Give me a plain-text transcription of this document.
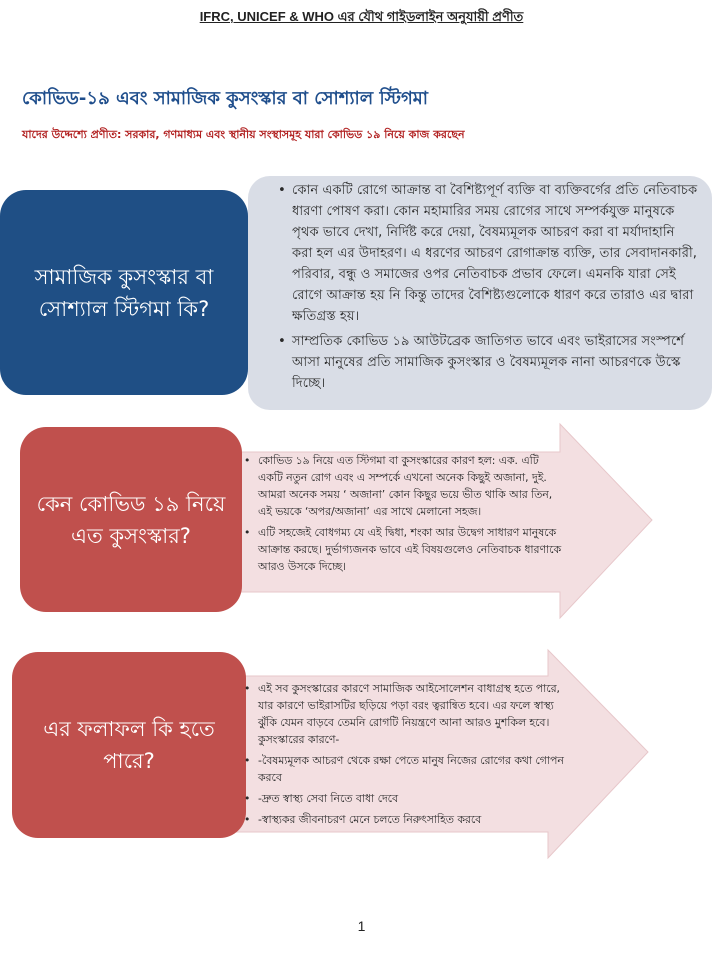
IFRC, UNICEF & WHO এর যৌথ গাইডলাইন অনুযায়ী প্রণীত
কোভিড-১৯ এবং সামাজিক কুসংস্কার বা সোশ্যাল স্টিগমা
যাদের উদ্দেশ্যে প্রণীত: সরকার, গণমাধ্যম এবং স্থানীয় সংস্থাসমূহ যারা কোভিড ১৯ নিয়ে কাজ করছেন
সামাজিক কুসংস্কার বা সোশ্যাল স্টিগমা কি?
• কোন একটি রোগে আক্রান্ত বা বৈশিষ্ট্যপূর্ণ ব্যক্তি বা ব্যক্তিবর্গের প্রতি নেতিবাচক ধারণা পোষণ করা। কোন মহামারির সময় রোগের সাথে সম্পর্কযুক্ত মানুষকে পৃথক ভাবে দেখা, নির্দিষ্ট করে দেয়া, বৈষম্যমূলক আচরণ করা বা মর্যাদাহানি করা হল এর উদাহরণ। এ ধরণের আচরণ রোগাক্রান্ত ব্যক্তি, তার সেবাদানকারী, পরিবার, বন্ধু ও সমাজের ওপর নেতিবাচক প্রভাব ফেলে। এমনকি যারা সেই রোগে আক্রান্ত হয় নি কিন্তু তাদের বৈশিষ্ট্যগুলোকে ধারণ করে তারাও এর দ্বারা ক্ষতিগ্রস্ত হয়।
• সাম্প্রতিক কোভিড ১৯ আউটব্রেক জাতিগত ভাবে এবং ভাইরাসের সংস্পর্শে আসা মানুষের প্রতি সামাজিক কুসংস্কার ও বৈষম্যমূলক নানা আচরণকে উস্কে দিচ্ছে।
কেন কোভিড ১৯ নিয়ে এত কুসংস্কার?
• কোভিড ১৯ নিয়ে এত স্টিগমা বা কুসংস্কারের কারণ হল: এক. এটি একটি নতুন রোগ এবং এ সম্পর্কে এখনো অনেক কিছুই অজানা, দুই. আমরা অনেক সময় ‘ অজানা’ কোন কিছুর ভয়ে ভীত থাকি আর তিন, এই ভয়কে ‘অপর/অজানা’ এর সাথে মেলানো সহজ।
• এটি সহজেই বোধগম্য যে এই দ্বিধা, শংকা আর উদ্বেগ সাধারণ মানুষকে আক্রান্ত করছে। দুর্ভাগ্যজনক ভাবে এই বিষয়গুলেও নেতিবাচক ধারণাকে আরও উসকে দিচ্ছে।
এর ফলাফল কি হতে পারে?
• এই সব কুসংস্কারের কারণে সামাজিক আইসোলেশন বাধাগ্রস্থ হতে পারে, যার কারণে ভাইরাসটির ছড়িয়ে পড়া বরং ত্বরান্বিত হবে। এর ফলে স্বাস্থ্য ঝুঁকি যেমন বাড়বে তেমনি রোগটি নিয়ন্ত্রণে আনা আরও মুশকিল হবে। কুসংস্কারের কারণে-
• -বৈষম্যমূলক আচরণ থেকে রক্ষা পেতে মানুষ নিজের রোগের কথা গোপন করবে
• -দ্রুত স্বাস্থ্য সেবা নিতে বাধা দেবে
• -স্বাস্থ্যকর জীবনাচরণ মেনে চলতে নিরুৎসাহিত করবে
1
